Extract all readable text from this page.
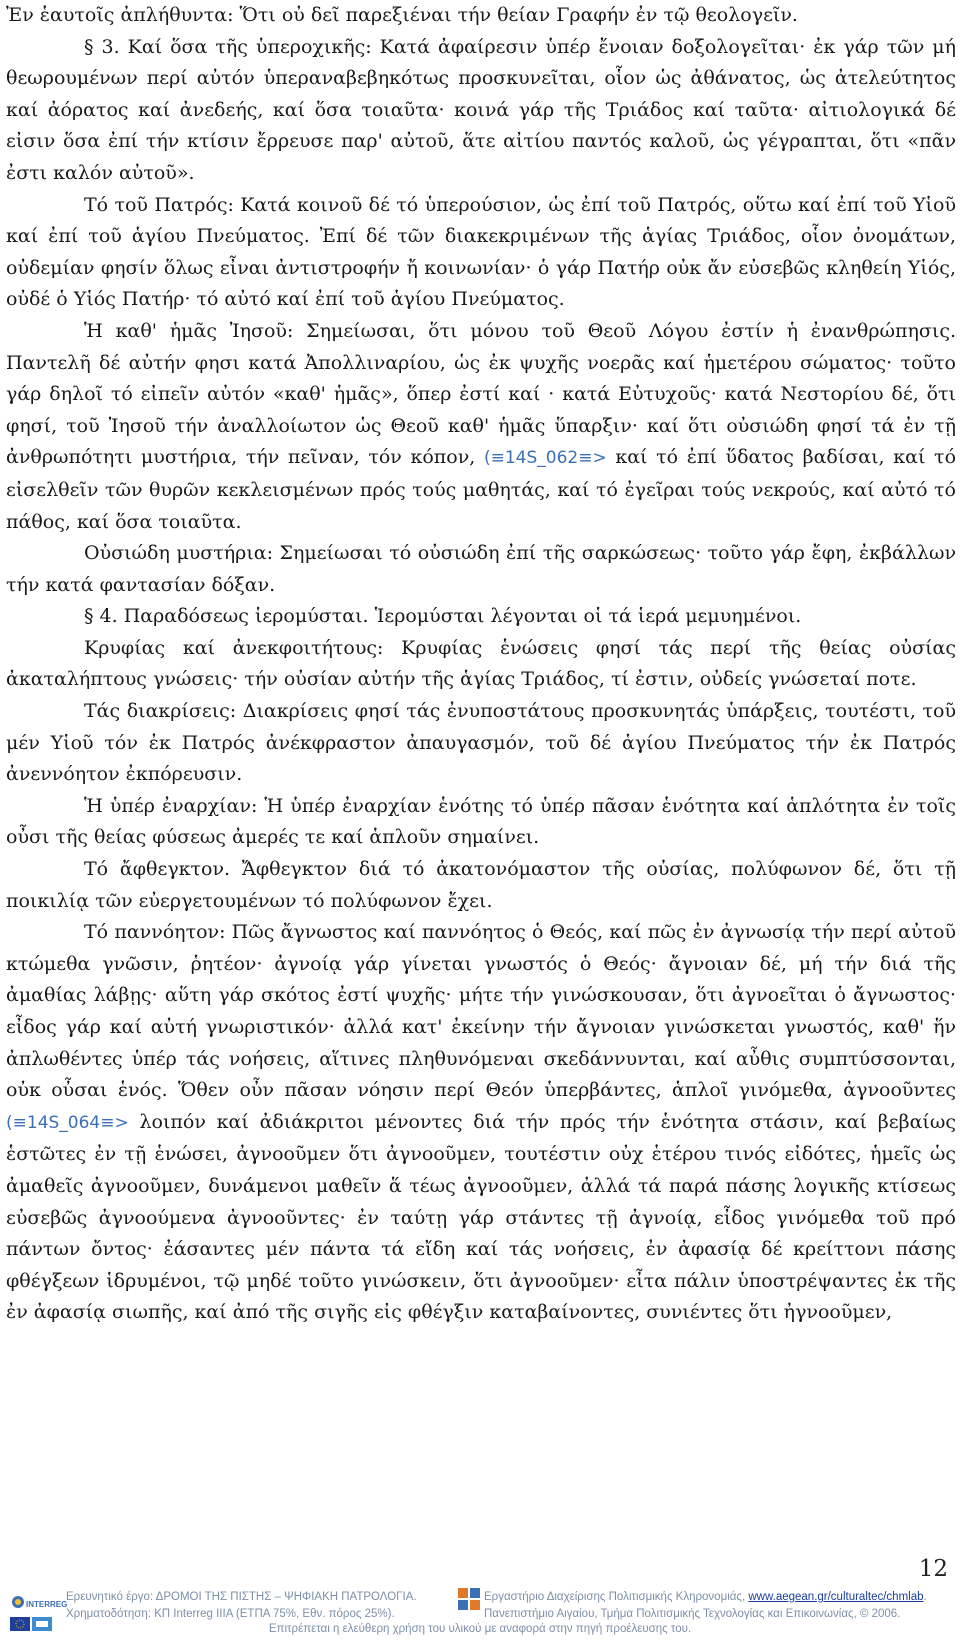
Ἐν ἑαυτοῖς ἀπλήθυντα: Ὅτι οὐ δεῖ παρεξιέναι τήν θείαν Γραφήν ἐν τῷ θεολογεῖν.

§ 3. Καί ὅσα τῆς ὑπεροχικῆς: Κατά ἀφαίρεσιν ὑπέρ ἔνοιαν δοξολογεῖται· ἐκ γάρ τῶν μή θεωρουμένων περί αὐτόν ὑπεραναβεβηκότως προσκυνεῖται, οἷον ὡς ἀθάνατος, ὡς ἀτελεύτητος καί ἀόρατος καί ἀνεδεής, καί ὅσα τοιαῦτα· κοινά γάρ τῆς Τριάδος καί ταῦτα· αἰτιολογικά δέ εἰσιν ὅσα ἐπί τήν κτίσιν ἔρρευσε παρ' αὐτοῦ, ἅτε αἰτίου παντός καλοῦ, ὡς γέγραπται, ὅτι «πᾶν ἐστι καλόν αὐτοῦ».

Τό τοῦ Πατρός: Κατά κοινοῦ δέ τό ὑπερούσιον, ὡς ἐπί τοῦ Πατρός, οὕτω καί ἐπί τοῦ Υἱοῦ καί ἐπί τοῦ ἁγίου Πνεύματος. Ἐπί δέ τῶν διακεκριμένων τῆς ἁγίας Τριάδος, οἷον ὀνομάτων, οὐδεμίαν φησίν ὅλως εἶναι ἀντιστροφήν ἤ κοινωνίαν· ὁ γάρ Πατήρ οὐκ ἄν εὐσεβῶς κληθείη Υἱός, οὐδέ ὁ Υἱός Πατήρ· τό αὐτό καί ἐπί τοῦ ἁγίου Πνεύματος.

Ἡ καθ' ἡμᾶς Ἰησοῦ: Σημείωσαι, ὅτι μόνου τοῦ Θεοῦ Λόγου ἐστίν ἡ ἐνανθρώπησις. Παντελῆ δέ αὐτήν φησι κατά Ἀπολλιναρίου, ὡς ἐκ ψυχῆς νοερᾶς καί ἡμετέρου σώματος· τοῦτο γάρ δηλοῖ τό εἰπεῖν αὐτόν «καθ' ἡμᾶς», ὅπερ ἐστί καί · κατά Εὐτυχοῦς· κατά Νεστορίου δέ, ὅτι φησί, τοῦ Ἰησοῦ τήν ἀναλλοίωτον ὡς Θεοῦ καθ' ἡμᾶς ὕπαρξιν· καί ὅτι οὐσιώδη φησί τά ἐν τῇ ἀνθρωπότητι μυστήρια, τήν πεῖναν, τόν κόπον, (≡14S_062≡> καί τό ἐπί ὕδατος βαδίσαι, καί τό εἰσελθεῖν τῶν θυρῶν κεκλεισμένων πρός τούς μαθητάς, καί τό ἐγεῖραι τούς νεκρούς, καί αὐτό τό πάθος, καί ὅσα τοιαῦτα.

Οὐσιώδη μυστήρια: Σημείωσαι τό οὐσιώδη ἐπί τῆς σαρκώσεως· τοῦτο γάρ ἔφη, ἐκβάλλων τήν κατά φαντασίαν δόξαν.

§ 4. Παραδόσεως ἱερομύσται. Ἱερομύσται λέγονται οἱ τά ἱερά μεμυημένοι.

Κρυφίας καί ἀνεκφοιτήτους: Κρυφίας ἑνώσεις φησί τάς περί τῆς θείας οὐσίας ἀκαταλήπτους γνώσεις· τήν οὐσίαν αὐτήν τῆς ἁγίας Τριάδος, τί ἐστιν, οὐδείς γνώσεταί ποτε.

Τάς διακρίσεις: Διακρίσεις φησί τάς ἐνυποστάτους προσκυνητάς ὑπάρξεις, τουτέστι, τοῦ μέν Υἱοῦ τόν ἐκ Πατρός ἀνέκφραστον ἀπαυγασμόν, τοῦ δέ ἁγίου Πνεύματος τήν ἐκ Πατρός ἀνεννόητον ἐκπόρευσιν.

Ἡ ὑπέρ ἐναρχίαν: Ἡ ὑπέρ ἐναρχίαν ἑνότης τό ὑπέρ πᾶσαν ἑνότητα καί ἁπλότητα ἐν τοῖς οὖσι τῆς θείας φύσεως ἀμερές τε καί ἁπλοῦν σημαίνει.

Τό ἄφθεγκτον. Ἄφθεγκτον διά τό ἀκατονόμαστον τῆς οὐσίας, πολύφωνον δέ, ὅτι τῇ ποικιλίᾳ τῶν εὐεργετουμένων τό πολύφωνον ἔχει.

Τό παννόητον: Πῶς ἄγνωστος καί παννόητος ὁ Θεός, καί πῶς ἐν ἀγνωσίᾳ τήν περί αὐτοῦ κτώμεθα γνῶσιν, ῥητέον· ἀγνοίᾳ γάρ γίνεται γνωστός ὁ Θεός· ἄγνοιαν δέ, μή τήν διά τῆς ἀμαθίας λάβῃς· αὕτη γάρ σκότος ἐστί ψυχῆς· μήτε τήν γινώσκουσαν, ὅτι ἀγνοεῖται ὁ ἄγνωστος· εἶδος γάρ καί αὐτή γνωριστικόν· ἀλλά κατ' ἐκείνην τήν ἄγνοιαν γινώσκεται γνωστός, καθ' ἥν ἀπλωθέντες ὑπέρ τάς νοήσεις, αἵτινες πληθυνόμεναι σκεδάννυνται, καί αὖθις συμπτύσσονται, οὐκ οὖσαι ἑνός. Ὅθεν οὖν πᾶσαν νόησιν περί Θεόν ὑπερβάντες, ἁπλοῖ γινόμεθα, ἀγνοοῦντες (≡14S_064≡> λοιπόν καί ἀδιάκριτοι μένοντες διά τήν πρός τήν ἑνότητα στάσιν, καί βεβαίως ἑστῶτες ἐν τῇ ἑνώσει, ἀγνοοῦμεν ὅτι ἀγνοοῦμεν, τουτέστιν οὐχ ἑτέρου τινός εἰδότες, ἡμεῖς ὡς ἀμαθεῖς ἀγνοοῦμεν, δυνάμενοι μαθεῖν ἅ τέως ἀγνοοῦμεν, ἀλλά τά παρά πάσης λογικῆς κτίσεως εὐσεβῶς ἀγνοούμενα ἀγνοοῦντες· ἐν ταύτῃ γάρ στάντες τῇ ἀγνοίᾳ, εἶδος γινόμεθα τοῦ πρό πάντων ὄντος· ἐάσαντες μέν πάντα τά εἴδη καί τάς νοήσεις, ἐν ἀφασίᾳ δέ κρείττονι πάσης φθέγξεων ἱδρυμένοι, τῷ μηδέ τοῦτο γινώσκειν, ὅτι ἀγνοοῦμεν· εἶτα πάλιν ὑποστρέψαντες ἐκ τῆς ἐν ἀφασίᾳ σιωπῆς, καί ἀπό τῆς σιγῆς εἰς φθέγξιν καταβαίνοντες, συνιέντες ὅτι ἠγνοοῦμεν,

12
INTERREG
Ερευνητικό έργο: ΔΡΟΜΟΙ ΤΗΣ ΠΙΣΤΗΣ – ΨΗΦΙΑΚΗ ΠΑΤΡΟΛΟΓΙΑ.
Χρηματοδότηση: ΚΠ Interreg IIIA (ΕΤΠΑ 75%, Εθν. πόρος 25%).
Εργαστήριο Διαχείρισης Πολιτισμικής Κληρονομιάς, www.aegean.gr/culturaltec/chmlab.
Πανεπιστήμιο Αιγαίου, Τμήμα Πολιτισμικής Τεχνολογίας και Επικοινωνίας, © 2006.
Επιτρέπεται η ελεύθερη χρήση του υλικού με αναφορά στην πηγή προέλευσης του.
